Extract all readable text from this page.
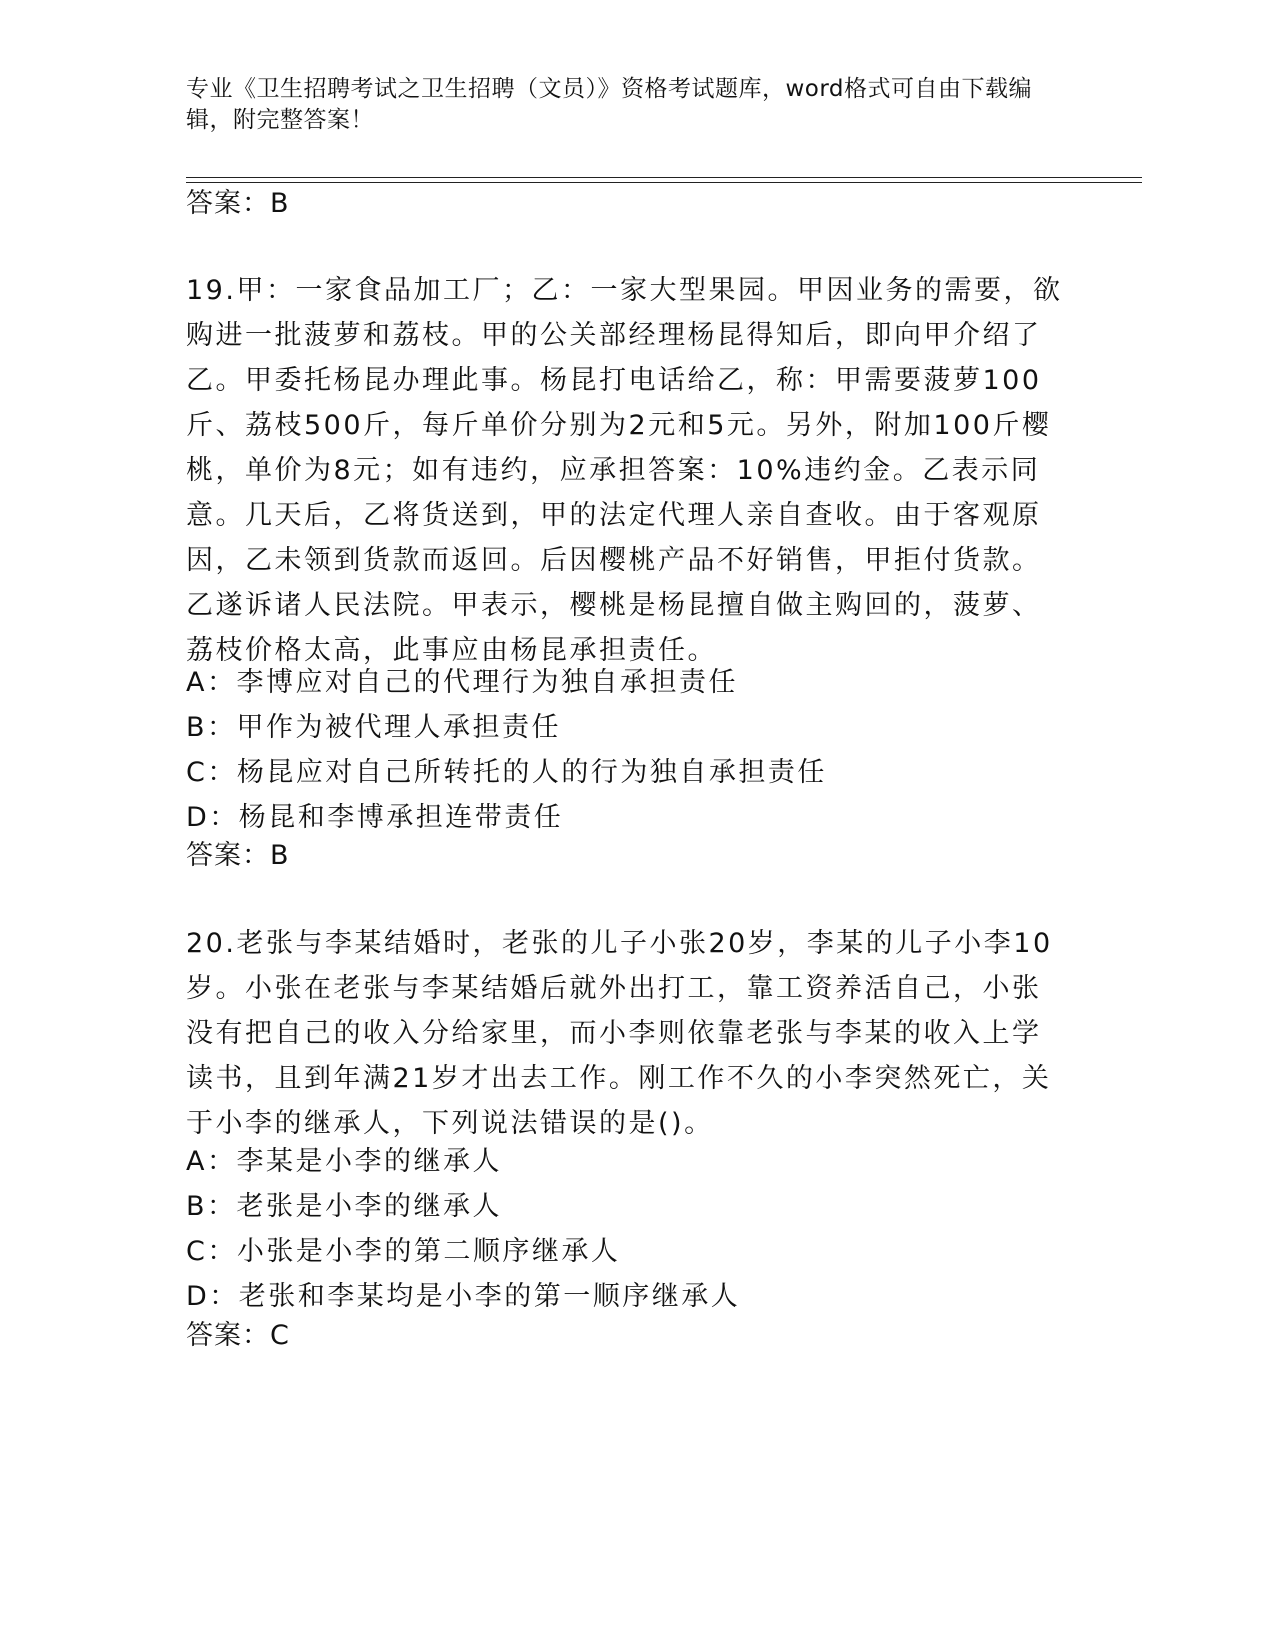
专业《卫生招聘考试之卫生招聘（文员）》资格考试题库，word格式可自由下载编辑，附完整答案！
答案：B
19.甲：一家食品加工厂；乙：一家大型果园。甲因业务的需要，欲购进一批菠萝和荔枝。甲的公关部经理杨昆得知后，即向甲介绍了乙。甲委托杨昆办理此事。杨昆打电话给乙，称：甲需要菠萝100斤、荔枝500斤，每斤单价分别为2元和5元。另外，附加100斤樱桃，单价为8元；如有违约，应承担答案：10%违约金。乙表示同意。几天后，乙将货送到，甲的法定代理人亲自查收。由于客观原因，乙未领到货款而返回。后因樱桃产品不好销售，甲拒付货款。乙遂诉诸人民法院。甲表示，樱桃是杨昆擅自做主购回的，菠萝、荔枝价格太高，此事应由杨昆承担责任。
A：李博应对自己的代理行为独自承担责任
B：甲作为被代理人承担责任
C：杨昆应对自己所转托的人的行为独自承担责任
D：杨昆和李博承担连带责任
答案：B
20.老张与李某结婚时，老张的儿子小张20岁，李某的儿子小李10岁。小张在老张与李某结婚后就外出打工，靠工资养活自己，小张没有把自己的收入分给家里，而小李则依靠老张与李某的收入上学读书，且到年满21岁才出去工作。刚工作不久的小李突然死亡，关于小李的继承人，下列说法错误的是()。
A：李某是小李的继承人
B：老张是小李的继承人
C：小张是小李的第二顺序继承人
D：老张和李某均是小李的第一顺序继承人
答案：C
